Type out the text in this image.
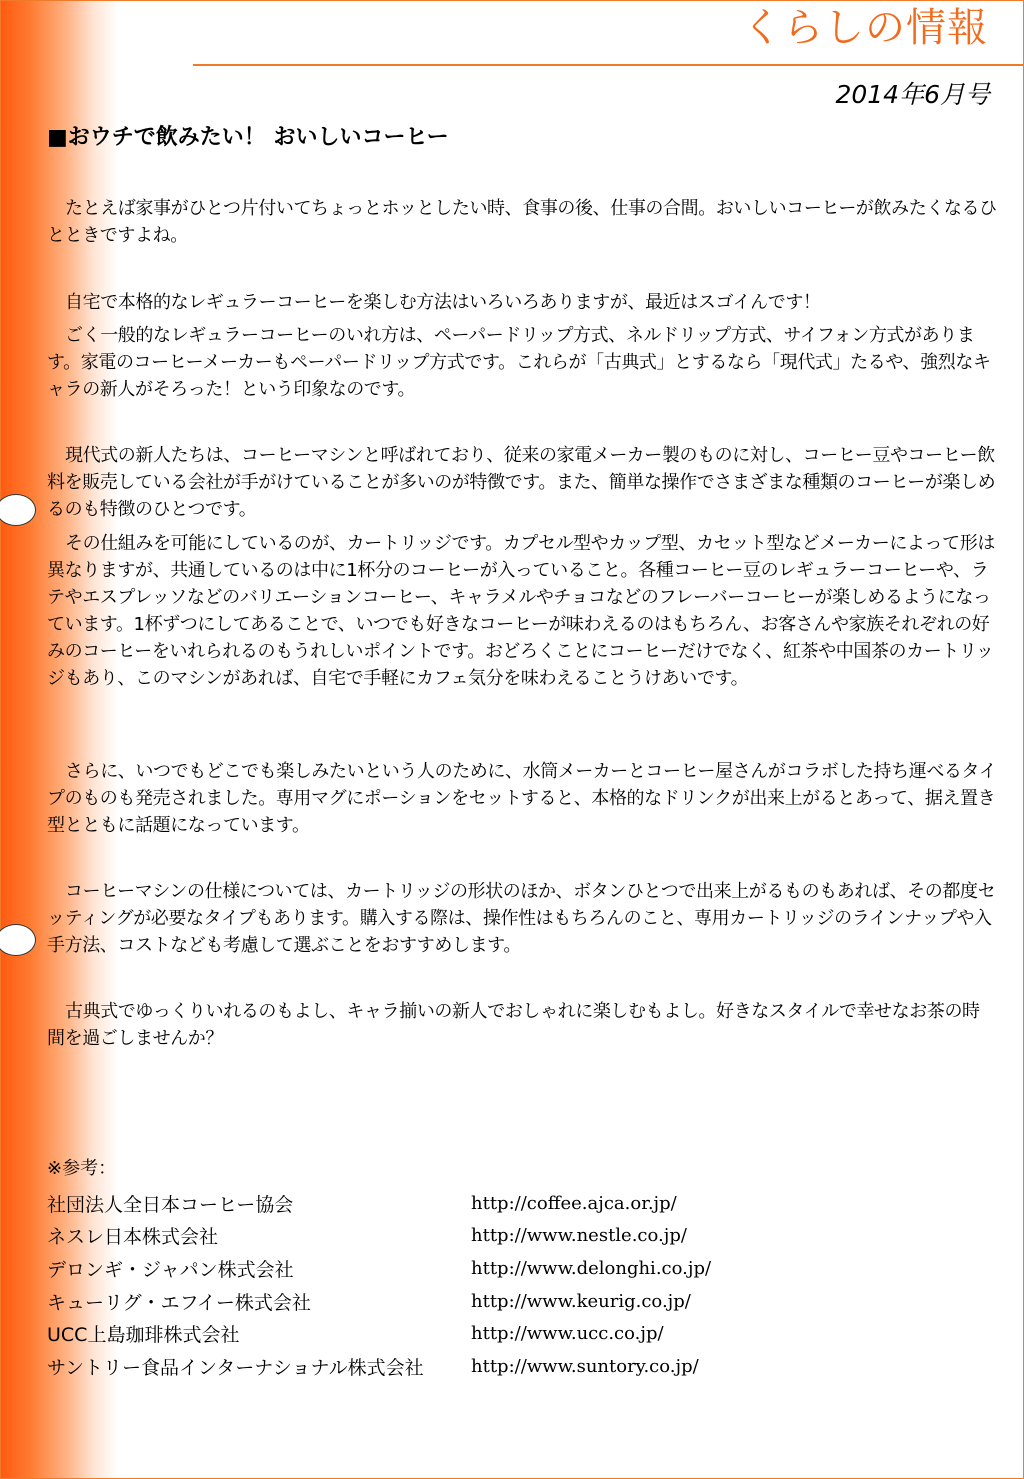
くらしの情報
2014年6月号
■おウチで飲みたい！ おいしいコーヒー

たとえば家事がひとつ片付いてちょっとホッとしたい時、食事の後、仕事の合間。おいしいコーヒーが飲みたくなるひとときですよね。

自宅で本格的なレギュラーコーヒーを楽しむ方法はいろいろありますが、最近はスゴイんです！

ごく一般的なレギュラーコーヒーのいれ方は、ペーパードリップ方式、ネルドリップ方式、サイフォン方式があります。家電のコーヒーメーカーもペーパードリップ方式です。これらが「古典式」とするなら「現代式」たるや、強烈なキャラの新人がそろった！という印象なのです。

現代式の新人たちは、コーヒーマシンと呼ばれており、従来の家電メーカー製のものに対し、コーヒー豆やコーヒー飲料を販売している会社が手がけていることが多いのが特徴です。また、簡単な操作でさまざまな種類のコーヒーが楽しめるのも特徴のひとつです。

その仕組みを可能にしているのが、カートリッジです。カプセル型やカップ型、カセット型などメーカーによって形は異なりますが、共通しているのは中に1杯分のコーヒーが入っていること。各種コーヒー豆のレギュラーコーヒーや、ラテやエスプレッソなどのバリエーションコーヒー、キャラメルやチョコなどのフレーバーコーヒーが楽しめるようになっています。1杯ずつにしてあることで、いつでも好きなコーヒーが味わえるのはもちろん、お客さんや家族それぞれの好みのコーヒーをいれられるのもうれしいポイントです。おどろくことにコーヒーだけでなく、紅茶や中国茶のカートリッジもあり、このマシンがあれば、自宅で手軽にカフェ気分を味わえることうけあいです。

さらに、いつでもどこでも楽しみたいという人のために、水筒メーカーとコーヒー屋さんがコラボした持ち運べるタイプのものも発売されました。専用マグにポーションをセットすると、本格的なドリンクが出来上がるとあって、据え置き型とともに話題になっています。

コーヒーマシンの仕様については、カートリッジの形状のほか、ボタンひとつで出来上がるものもあれば、その都度セッティングが必要なタイプもあります。購入する際は、操作性はもちろんのこと、専用カートリッジのラインナップや入手方法、コストなども考慮して選ぶことをおすすめします。

古典式でゆっくりいれるのもよし、キャラ揃いの新人でおしゃれに楽しむもよし。好きなスタイルで幸せなお茶の時間を過ごしませんか？

※参考：
社団法人全日本コーヒー協会	http://coffee.ajca.or.jp/
ネスレ日本株式会社	http://www.nestle.co.jp/
デロンギ・ジャパン株式会社	http://www.delonghi.co.jp/
キューリグ・エフイー株式会社	http://www.keurig.co.jp/
UCC上島珈琲株式会社	http://www.ucc.co.jp/
サントリー食品インターナショナル株式会社	http://www.suntory.co.jp/
